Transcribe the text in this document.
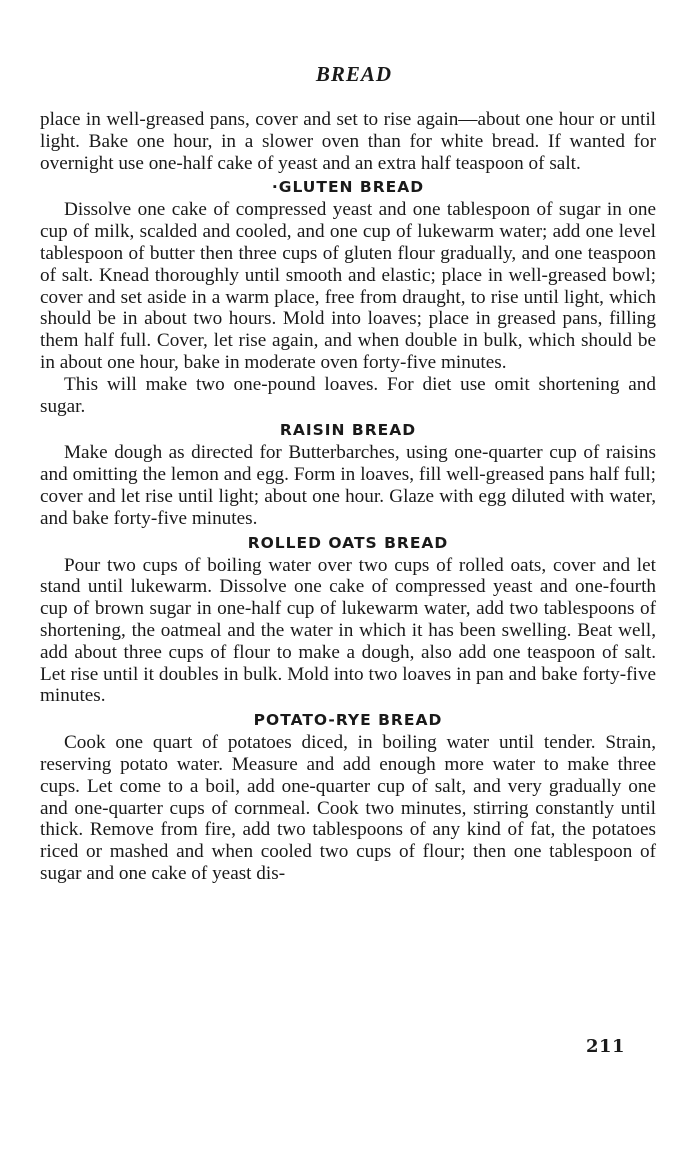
BREAD

place in well-greased pans, cover and set to rise again—about one hour or until light. Bake one hour, in a slower oven than for white bread. If wanted for overnight use one-half cake of yeast and an extra half teaspoon of salt.

·GLUTEN BREAD

Dissolve one cake of compressed yeast and one tablespoon of sugar in one cup of milk, scalded and cooled, and one cup of lukewarm water; add one level tablespoon of butter then three cups of gluten flour gradually, and one teaspoon of salt. Knead thoroughly until smooth and elastic; place in well-greased bowl; cover and set aside in a warm place, free from draught, to rise until light, which should be in about two hours. Mold into loaves; place in greased pans, filling them half full. Cover, let rise again, and when double in bulk, which should be in about one hour, bake in moderate oven forty-five minutes.

This will make two one-pound loaves. For diet use omit shortening and sugar.

RAISIN BREAD

Make dough as directed for Butterbarches, using one-quarter cup of raisins and omitting the lemon and egg. Form in loaves, fill well-greased pans half full; cover and let rise until light; about one hour. Glaze with egg diluted with water, and bake forty-five minutes.

ROLLED OATS BREAD

Pour two cups of boiling water over two cups of rolled oats, cover and let stand until lukewarm. Dissolve one cake of compressed yeast and one-fourth cup of brown sugar in one-half cup of lukewarm water, add two tablespoons of shortening, the oatmeal and the water in which it has been swelling. Beat well, add about three cups of flour to make a dough, also add one teaspoon of salt. Let rise until it doubles in bulk. Mold into two loaves in pan and bake forty-five minutes.

POTATO-RYE BREAD

Cook one quart of potatoes diced, in boiling water until tender. Strain, reserving potato water. Measure and add enough more water to make three cups. Let come to a boil, add one-quarter cup of salt, and very gradually one and one-quarter cups of cornmeal. Cook two minutes, stirring constantly until thick. Remove from fire, add two tablespoons of any kind of fat, the potatoes riced or mashed and when cooled two cups of flour; then one tablespoon of sugar and one cake of yeast dis-

211
